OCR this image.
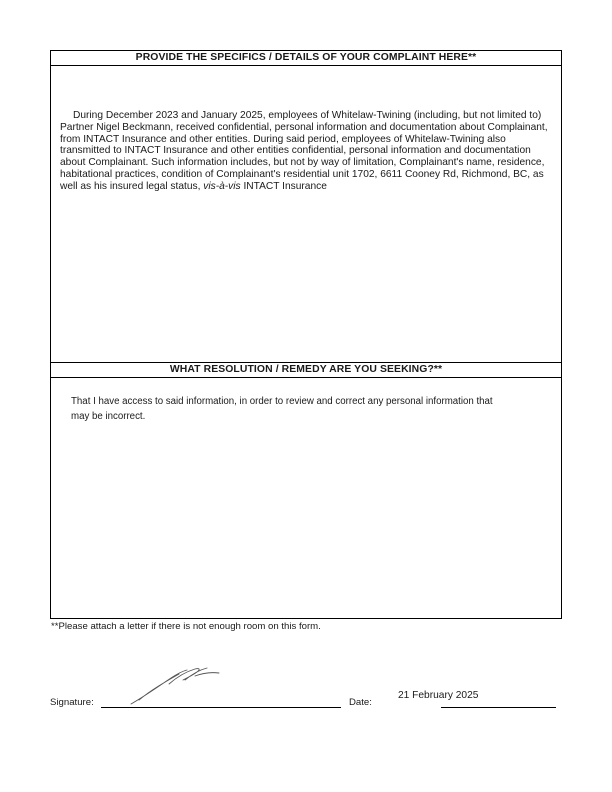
PROVIDE THE SPECIFICS / DETAILS OF YOUR COMPLAINT HERE**
During December 2023 and January 2025, employees of Whitelaw-Twining (including, but not limited to) Partner Nigel Beckmann, received confidential, personal information and documentation about Complainant, from INTACT Insurance and other entities. During said period, employees of Whitelaw-Twining also transmitted to INTACT Insurance and other entities confidential, personal information and documentation about Complainant. Such information includes, but not by way of limitation, Complainant's name, residence, habitational practices, condition of Complainant's residential unit 1702, 6611 Cooney Rd, Richmond, BC, as well as his insured legal status, vis-à-vis INTACT Insurance
WHAT RESOLUTION / REMEDY ARE YOU SEEKING?**
That I have access to said information, in order to review and correct any personal information that may be incorrect.
**Please attach a letter if there is not enough room on this form.
Signature:	Date:
21 February 2025
